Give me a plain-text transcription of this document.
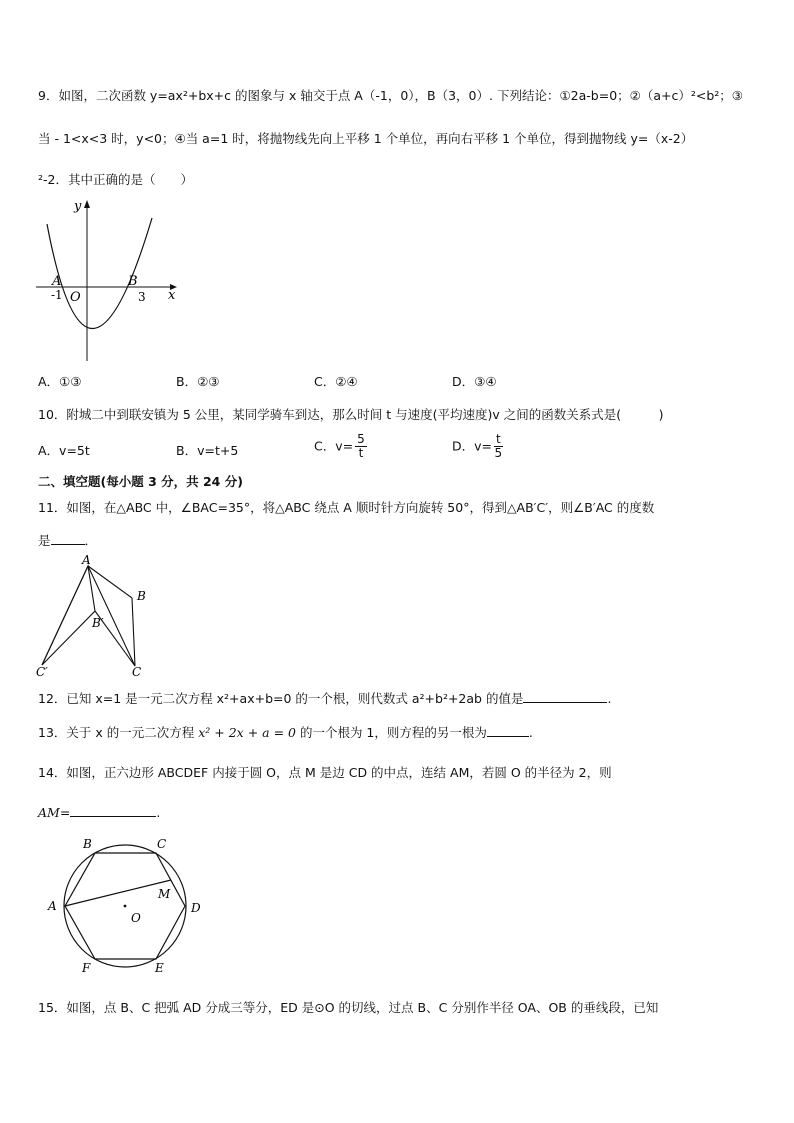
9．如图，二次函数 y=ax²+bx+c 的图象与 x 轴交于点 A（-1，0），B（3，0）. 下列结论：①2a-b=0；②（a+c）²<b²；③
当 - 1<x<3 时，y<0；④当 a=1 时，将抛物线先向上平移 1 个单位，再向右平移 1 个单位，得到抛物线 y=（x-2）
²-2．其中正确的是（　　）
y
x
A	B
O
-1	3
A．①③	B．②③	C．②④	D．③④
10．附城二中到联安镇为 5 公里，某同学骑车到达，那么时间 t 与速度(平均速度)v 之间的函数关系式是(　　　)
A．v=5t	B．v=t+5	C．$v= \frac{5}{t}$	D．$v= \frac{t}{5}$
二、填空题(每小题 3 分，共 24 分)
11．如图，在△ABC 中，∠BAC=35°，将△ABC 绕点 A 顺时针方向旋转 50°，得到△AB′C′，则∠B′AC 的度数
是	．
A
B
B′
C′	C
12．已知 x=1 是一元二次方程 x²+ax+b=0 的一个根，则代数式 a²+b²+2ab 的值是	.
13．关于 x 的一元二次方程 x² + 2x + a = 0 的一个根为 1，则方程的另一根为	.
14．如图，正六边形 ABCDEF 内接于圆 O，点 M 是边 CD 的中点，连结 AM，若圆 O 的半径为 2，则
AM=	.
A
B	C
D
E
F
M
O
15．如图，点 B、C 把弧 AD 分成三等分，ED 是⊙O 的切线，过点 B、C 分别作半径 OA、OB 的垂线段，已知
